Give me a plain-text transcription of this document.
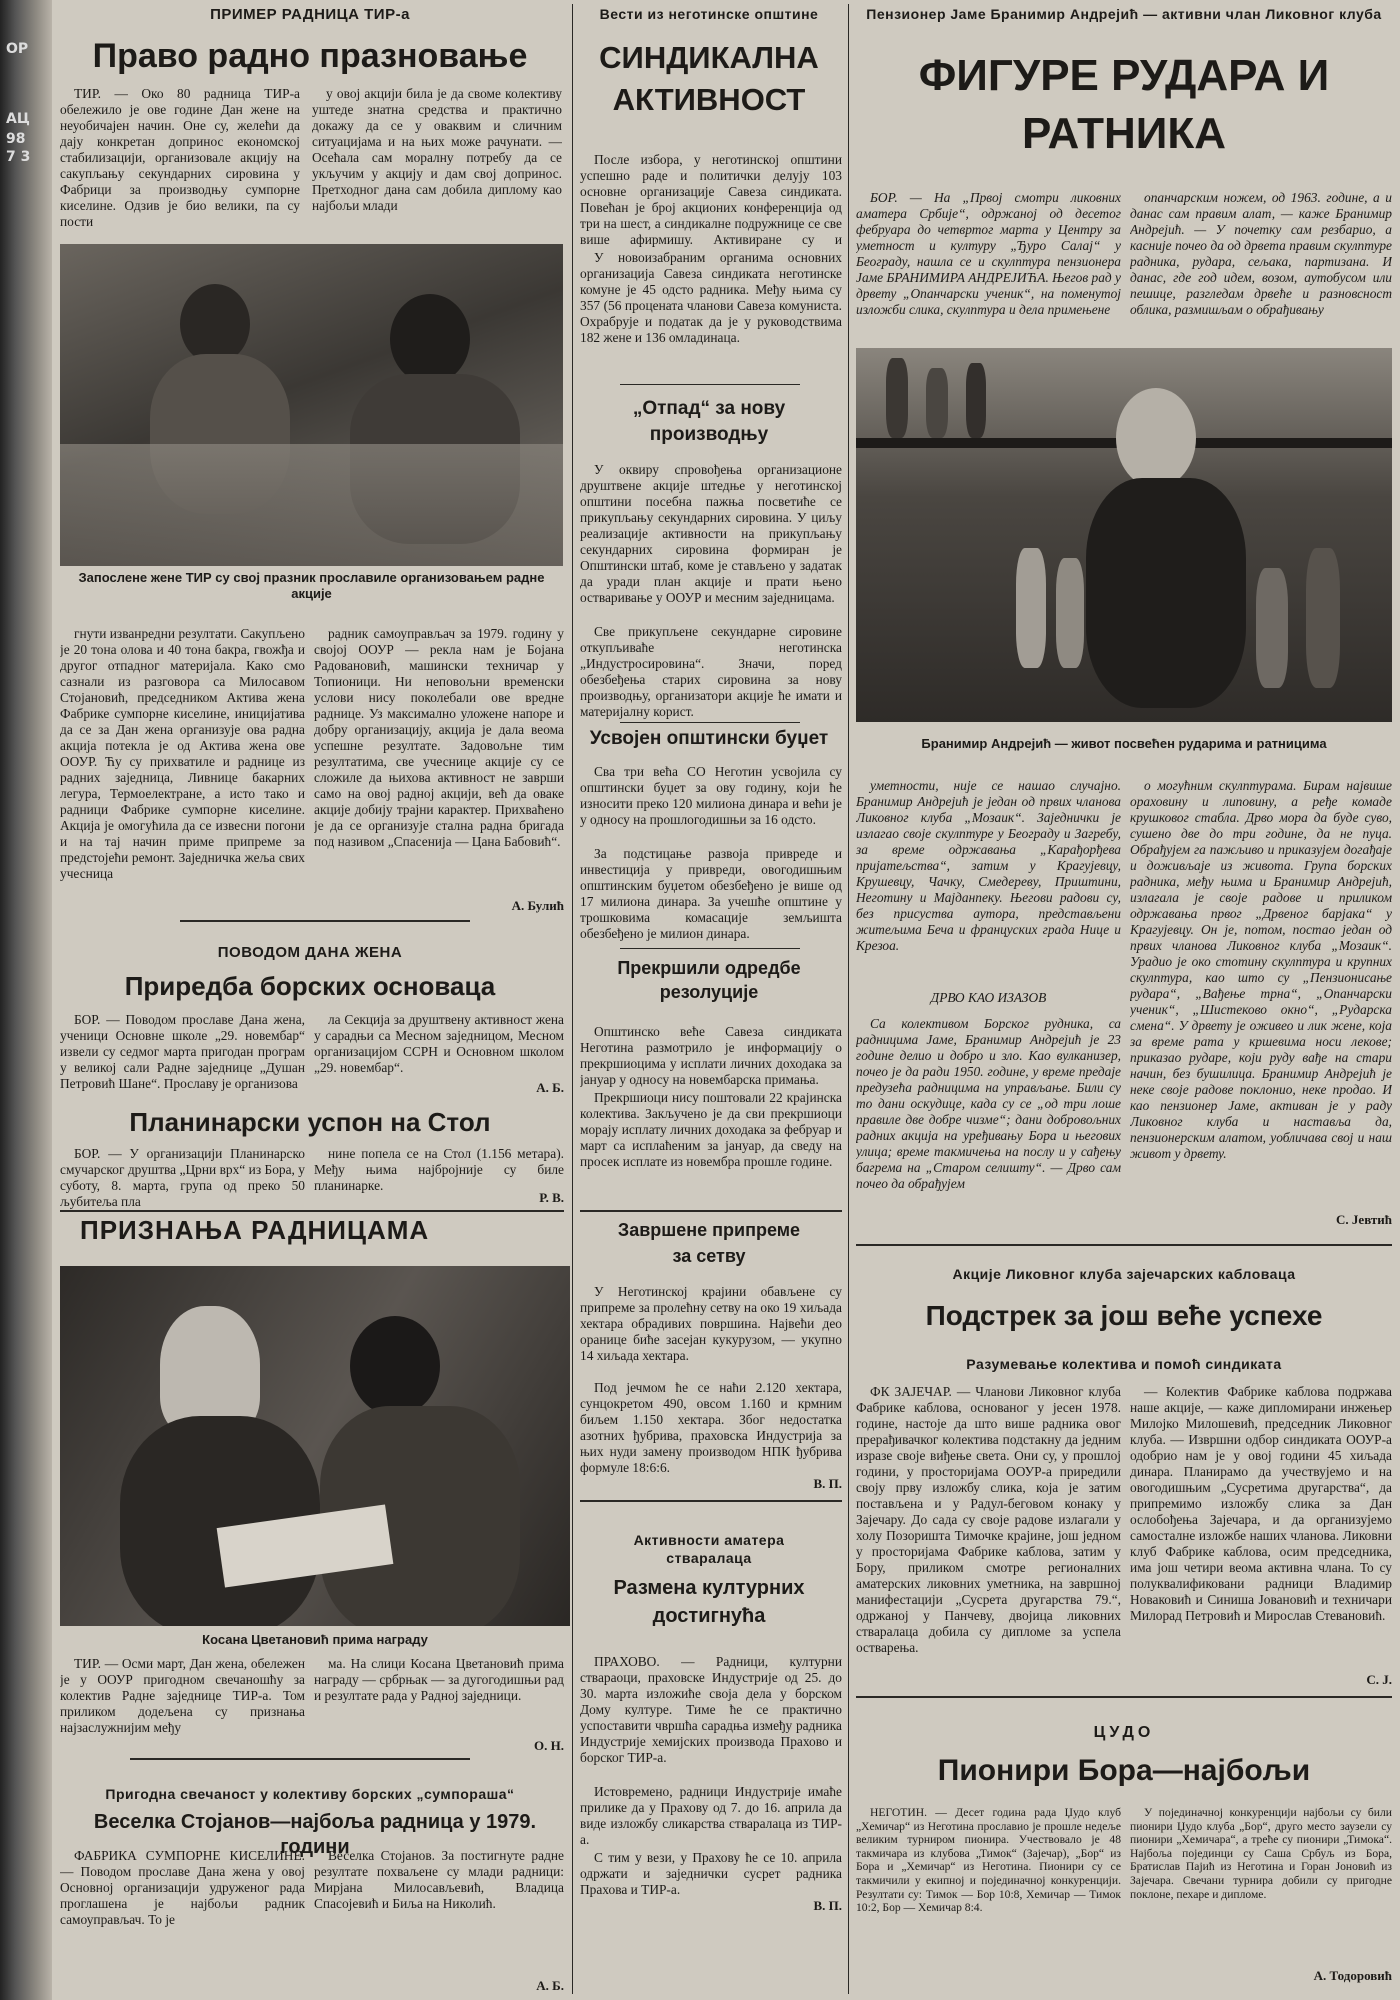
ОР
АЦ
98
7 3
ПРИМЕР РАДНИЦА ТИР-а
Право радно празновање
ТИР. — Око 80 радница ТИР-а обележило је ове године Дан жене на неуобичајен начин. Оне су, желећи да дају конкретан допринос економској стабилизацији, организовале акцију на сакупљању секундарних сировина у Фабрици за производњу сумпорне киселине. Одзив је био велики, па су пости
у овој акцији била је да своме колективу уштеде знатна средства и практично докажу да се у оваквим и сличним ситуацијама и на њих може рачунати. — Осећала сам моралну потребу да се укључим у акцију и дам свој допринос. Претходног дана сам добила диплому као најбољи млади
Запослене жене ТИР су свој празник прославиле организовањем радне акције
гнути изванредни резултати. Сакупљено је 20 тона олова и 40 тона бакра, гвожђа и другог отпадног материјала. Како смо сазнали из разговора са Милосавом Стојановић, председником Актива жена Фабрике сумпорне киселине, иницијатива да се за Дан жена организује ова радна акција потекла је од Актива жена ове ООУР. Ћу су прихватиле и раднице из радних заједница, Ливнице бакарних легура, Термоелектране, а исто тако и радници Фабрике сумпорне киселине. Акција је омогућила да се извесни погони и на тај начин приме припреме за предстојећи ремонт. Заједничка жеља свих учесница
радник самоуправљач за 1979. годину у својој ООУР — рекла нам је Бојана Радовановић, машински техничар у Топионици. Ни неповољни временски услови нису поколебали ове вредне раднице. Уз максимално уложене напоре и добру организацију, акција је дала веома успешне резултате. Задовољне тим резултатима, све учеснице акције су се сложиле да њихова активност не заврши само на овој радној акцији, већ да оваке акције добију трајни карактер. Прихваћено је да се организује стална радна бригада под називом „Спасенија — Цана Бабовић“.
А. Булић
ПОВОДОМ ДАНА ЖЕНА
Приредба борских основаца
БОР. — Поводом прославе Дана жена, ученици Основне школе „29. новембар“ извели су седмог марта пригодан програм у великој сали Радне заједнице „Душан Петровић Шане“. Прославу је организова
ла Секција за друштвену активност жена у сарадњи са Месном заједницом, Месном организацијом ССРН и Основном школом „29. новембар“.
А. Б.
Планинарски успон на Стол
БОР. — У организацији Планинарско смучарског друштва „Црни врх“ из Бора, у суботу, 8. марта, група од преко 50 љубитеља пла
нине попела се на Стол (1.156 метара). Међу њима најбројније су биле планинарке.
Р. В.
ПРИЗНАЊА РАДНИЦАМА
Косана Цветановић прима награду
ТИР. — Осми март, Дан жена, обележен је у ООУР пригодном свечаношћу за колектив Радне заједнице ТИР-а. Том приликом додељена су признања најзаслужнијим међу
ма. На слици Косана Цветановић прима награду — србрњак — за дугогодишњи рад и резултате рада у Радној заједници.
О. Н.
Пригодна свечаност у колективу борских „сумпораша“
Веселка Стојанов—најбоља радница у 1979. години
ФАБРИКА СУМПОРНЕ КИСЕЛИНЕ. — Поводом прославе Дана жена у овој Основној организацији удруженог рада проглашена је најбољи радник самоуправљач. То је
Веселка Стојанов. За постигнуте радне резултате похваљене су млади радници: Мирјана Милосављевић, Владица Спасојевић и Биља на Николић.
А. Б.
Вести из неготинске општине
СИНДИКАЛНА
АКТИВНОСТ
После избора, у неготинској општини успешно раде и политички делују 103 основне организације Савеза синдиката. Повећан је број акционих конференција од три на шест, а синдикалне подружнице се све више афирмишу. Активиране су и
У новоизабраним органима основних организација Савеза синдиката неготинске комуне је 45 одсто радника. Међу њима су 357 (56 процената чланови Савеза комуниста. Охрабрује и податак да је у руководствима 182 жене и 136 омладинаца.
„Отпад“ за нову
производњу
У оквиру спровођења организационе друштвене акције штедње у неготинској општини посебна пажња посветиће се прикупљању секундарних сировина. У циљу реализације активности на прикупљању секундарних сировина формиран је Општински штаб, коме је стављено у задатак да уради план акције и прати њено остваривање у ООУР и месним заједницама.
Све прикупљене секундарне сировине откупљиваће неготинска „Индустросировина“. Значи, поред обезбеђења старих сировина за нову производњу, организатори акције ће имати и материјалну корист.
Усвојен општински буџет
Сва три већа СО Неготин усвојила су општински буџет за ову годину, који ће износити преко 120 милиона динара и већи је у односу на прошлогодишњи за 16 одсто.
За подстицање развоја привреде и инвестиција у привреди, овогодишњим општинским буџетом обезбеђено је више од 17 милиона динара. За учешће општине у трошковима комасације земљишта обезбеђено је милион динара.
Прекршили одредбе
резолуције
Општинско веће Савеза синдиката Неготина размотрило је информацију о прекршиоцима у исплати личних доходака за јануар у односу на новембарска примања.
Прекршиоци нису поштовали 22 крајинска колектива. Закључено је да сви прекршиоци морају исплату личних доходака за фебруар и март са исплаћеним за јануар, да сведу на просек исплате из новембра прошле године.
Завршене припреме
за сетву
У Неготинској крајини обављене су припреме за пролећну сетву на око 19 хиљада хектара обрадивих површина. Највећи део оранице биће засејан кукурузом, — укупно 14 хиљада хектара.
Под јечмом ће се наћи 2.120 хектара, сунцокретом 490, овсом 1.160 и крмним биљем 1.150 хектара. Због недостатка азотних ђубрива, праховска Индустрија за њих нуди замену производом НПК ђубрива формуле 18:6:6.
В. П.
Активности аматера
стваралаца
Размена културних
достигнућа
ПРАХОВО. — Радници, културни ствараоци, праховске Индустрије од 25. до 30. марта изложиће своја дела у борском Дому културе. Тиме ће се практично успоставити чвршћа сарадња између радника Индустрије хемијских производа Прахово и борског ТИР-а.
Истовремено, радници Индустрије имаће прилике да у Прахову од 7. до 16. априла да виде изложбу сликарства стваралаца из ТИР-а.
С тим у вези, у Прахову ће се 10. априла одржати и заједнички сусрет радника Прахова и ТИР-а.
В. П.
Пензионер Јаме Бранимир Андрејић — активни члан Ликовног клуба
ФИГУРЕ РУДАРА И
РАТНИКА
БОР. — На „Првој смотри ликовних аматера Србије“, одржаној од десетог фебруара до четвртог марта у Центру за уметност и културу „Ђуро Салај“ у Београду, нашла се и скулптура пензионера Јаме БРАНИМИРА АНДРЕЈИЋА. Његов рад у дрвету „Опанчарски ученик“, на поменутој изложби слика, скулптура и дела примењене
опанчарским ножем, од 1963. године, а и данас сам правим алат, — каже Бранимир Андрејић. — У почетку сам резбарио, а касније почео да од дрвета правим скулптуре радника, рудара, сељака, партизана. И данас, где год идем, возом, аутобусом или пешице, разгледам дрвеће и разновсност облика, размишљам о обрађивању
Бранимир Андрејић — живот посвећен рударима и ратницима
уметности, није се нашао случајно. Бранимир Андрејић је један од првих чланова Ликовног клуба „Мозаик“. Заједнички је излагао своје скулптуре у Београду и Загребу, за време одржавања „Карађорђева пријатељства“, затим у Крагујевцу, Крушевцу, Чачку, Смедереву, Приштини, Неготину и Мајданпеку. Његови радови су, без присуства аутора, представљени житељима Беча и француских града Нице и Крезоа.
ДРВО КАО ИЗАЗОВ
Са колективом Борског рудника, са радницима Јаме, Бранимир Андрејић је 23 године делио и добро и зло. Као вулканизер, почео је да ради 1950. године, у време предаје предузећа радницима на управљање. Били су то дани оскудице, када су се „од три лоше правиле две добре чизме“; дани добровољних радних акција на уређивању Бора и његових улица; време такмичења на послу и у сађењу багрема на „Старом селишту“. — Дрво сам почео да обрађујем
о могућним скулптурама. Бирам највише ораховину и липовину, а ређе комаде крушковог стабла. Дрво мора да буде суво, сушено две до три године, да не пуца. Обрађујем га пажљиво и приказујем догађаје и доживљаје из живота. Група борских радника, међу њима и Бранимир Андрејић, излагала је своје радове и приликом одржавања првог „Дрвеног барјака“ у Крагујевцу. Он је, потом, постао један од првих чланова Ликовног клуба „Мозаик“. Урадио је око стотину скулптура и крупних скулптура, као што су „Пензионисање рудара“, „Вађење трна“, „Опанчарски ученик“, „Шистеково окно“, „Рударска смена“. У дрвету је оживео и лик жене, која за време рата у кршевима носи лекове; приказао рударе, који руду вађе на стари начин, без бушилица. Бранимир Андрејић је неке своје радове поклонио, неке продао. И као пензионер Јаме, активан је у раду Ликовног клуба и наставља да, пензионерским алатом, уобличава свој и наш живот у дрвету.
С. Јевтић
Акције Ликовног клуба зајечарских кабловаца
Подстрек за још веће успехе
Разумевање колектива и помоћ синдиката
ФК ЗАЈЕЧАР. — Чланови Ликовног клуба Фабрике каблова, основаног у јесен 1978. године, настоје да што више радника овог прерађивачког колектива подстакну да једним изразе своје виђење света. Они су, у прошлој години, у просторијама ООУР-а приредили своју прву изложбу слика, која је затим постављена и у Радул-беговом конаку у Зајечару. До сада су своје радове излагали у холу Позоришта Тимочке крајине, још једном у просторијама Фабрике каблова, затим у Бору, приликом смотре регионалних аматерских ликовних уметника, на завршној манифестацији „Сусрета другарства 79.“, одржаној у Панчеву, двојица ликовних стваралаца добила су дипломе за успела остварења.
— Колектив Фабрике каблова подржава наше акције, — каже дипломирани инжењер Милојко Милошевић, председник Ликовног клуба. — Извршни одбор синдиката ООУР-а одобрио нам је у овој години 45 хиљада динара. Планирамо да учествујемо и на овогодишњим „Сусретима другарства“, да припремимо изложбу слика за Дан ослобођења Зајечара, и да организујемо самосталне изложбе наших чланова. Ликовни клуб Фабрике каблова, осим председника, има још четири веома активна члана. То су полуквалификовани радници Владимир Новаковић и Синиша Јовановић и техничари Милорад Петровић и Мирослав Стевановић.
С. Ј.
ЦУДО
Пионири Бора—најбољи
НЕГОТИН. — Десет година рада Џудо клуб „Хемичар“ из Неготина прославио је прошле недеље великим турниром пионира. Учествовало је 48 такмичара из клубова „Тимок“ (Зајечар), „Бор“ из Бора и „Хемичар“ из Неготина. Пионири су се такмичили у екипној и појединачној конкуренцији. Резултати су: Тимок — Бор 10:8, Хемичар — Тимок 10:2, Бор — Хемичар 8:4.
У појединачној конкуренцији најбољи су били пионири Џудо клуба „Бор“, друго место заузели су пионири „Хемичара“, а треће су пионири „Тимока“. Најбоља појединци су Саша Србуљ из Бора, Братислав Пајић из Неготина и Горан Јоновић из Зајечара. Свечани турнира добили су пригодне поклоне, пехаре и дипломе.
А. Тодоровић
